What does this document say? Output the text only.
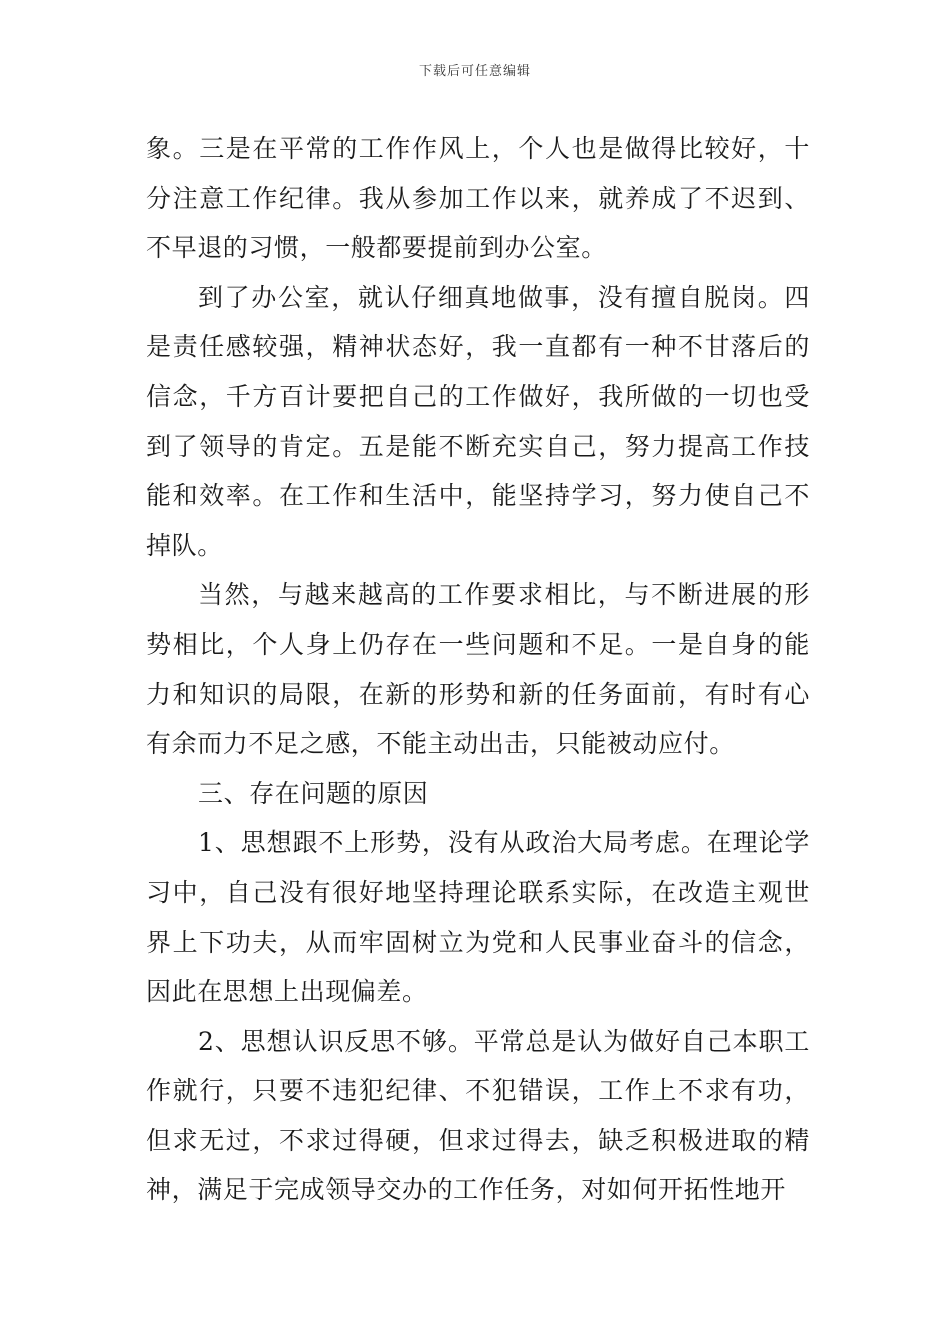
下载后可任意编辑

象。三是在平常的工作作风上，个人也是做得比较好，十分注意工作纪律。我从参加工作以来，就养成了不迟到、不早退的习惯，一般都要提前到办公室。

到了办公室，就认仔细真地做事，没有擅自脱岗。四是责任感较强，精神状态好，我一直都有一种不甘落后的信念，千方百计要把自己的工作做好，我所做的一切也受到了领导的肯定。五是能不断充实自己，努力提高工作技能和效率。在工作和生活中，能坚持学习，努力使自己不掉队。

当然，与越来越高的工作要求相比，与不断进展的形势相比，个人身上仍存在一些问题和不足。一是自身的能力和知识的局限，在新的形势和新的任务面前，有时有心有余而力不足之感，不能主动出击，只能被动应付。

三、存在问题的原因

1、思想跟不上形势，没有从政治大局考虑。在理论学习中，自己没有很好地坚持理论联系实际，在改造主观世界上下功夫，从而牢固树立为党和人民事业奋斗的信念，因此在思想上出现偏差。

2、思想认识反思不够。平常总是认为做好自己本职工作就行，只要不违犯纪律、不犯错误，工作上不求有功，但求无过，不求过得硬，但求过得去，缺乏积极进取的精神，满足于完成领导交办的工作任务，对如何开拓性地开
